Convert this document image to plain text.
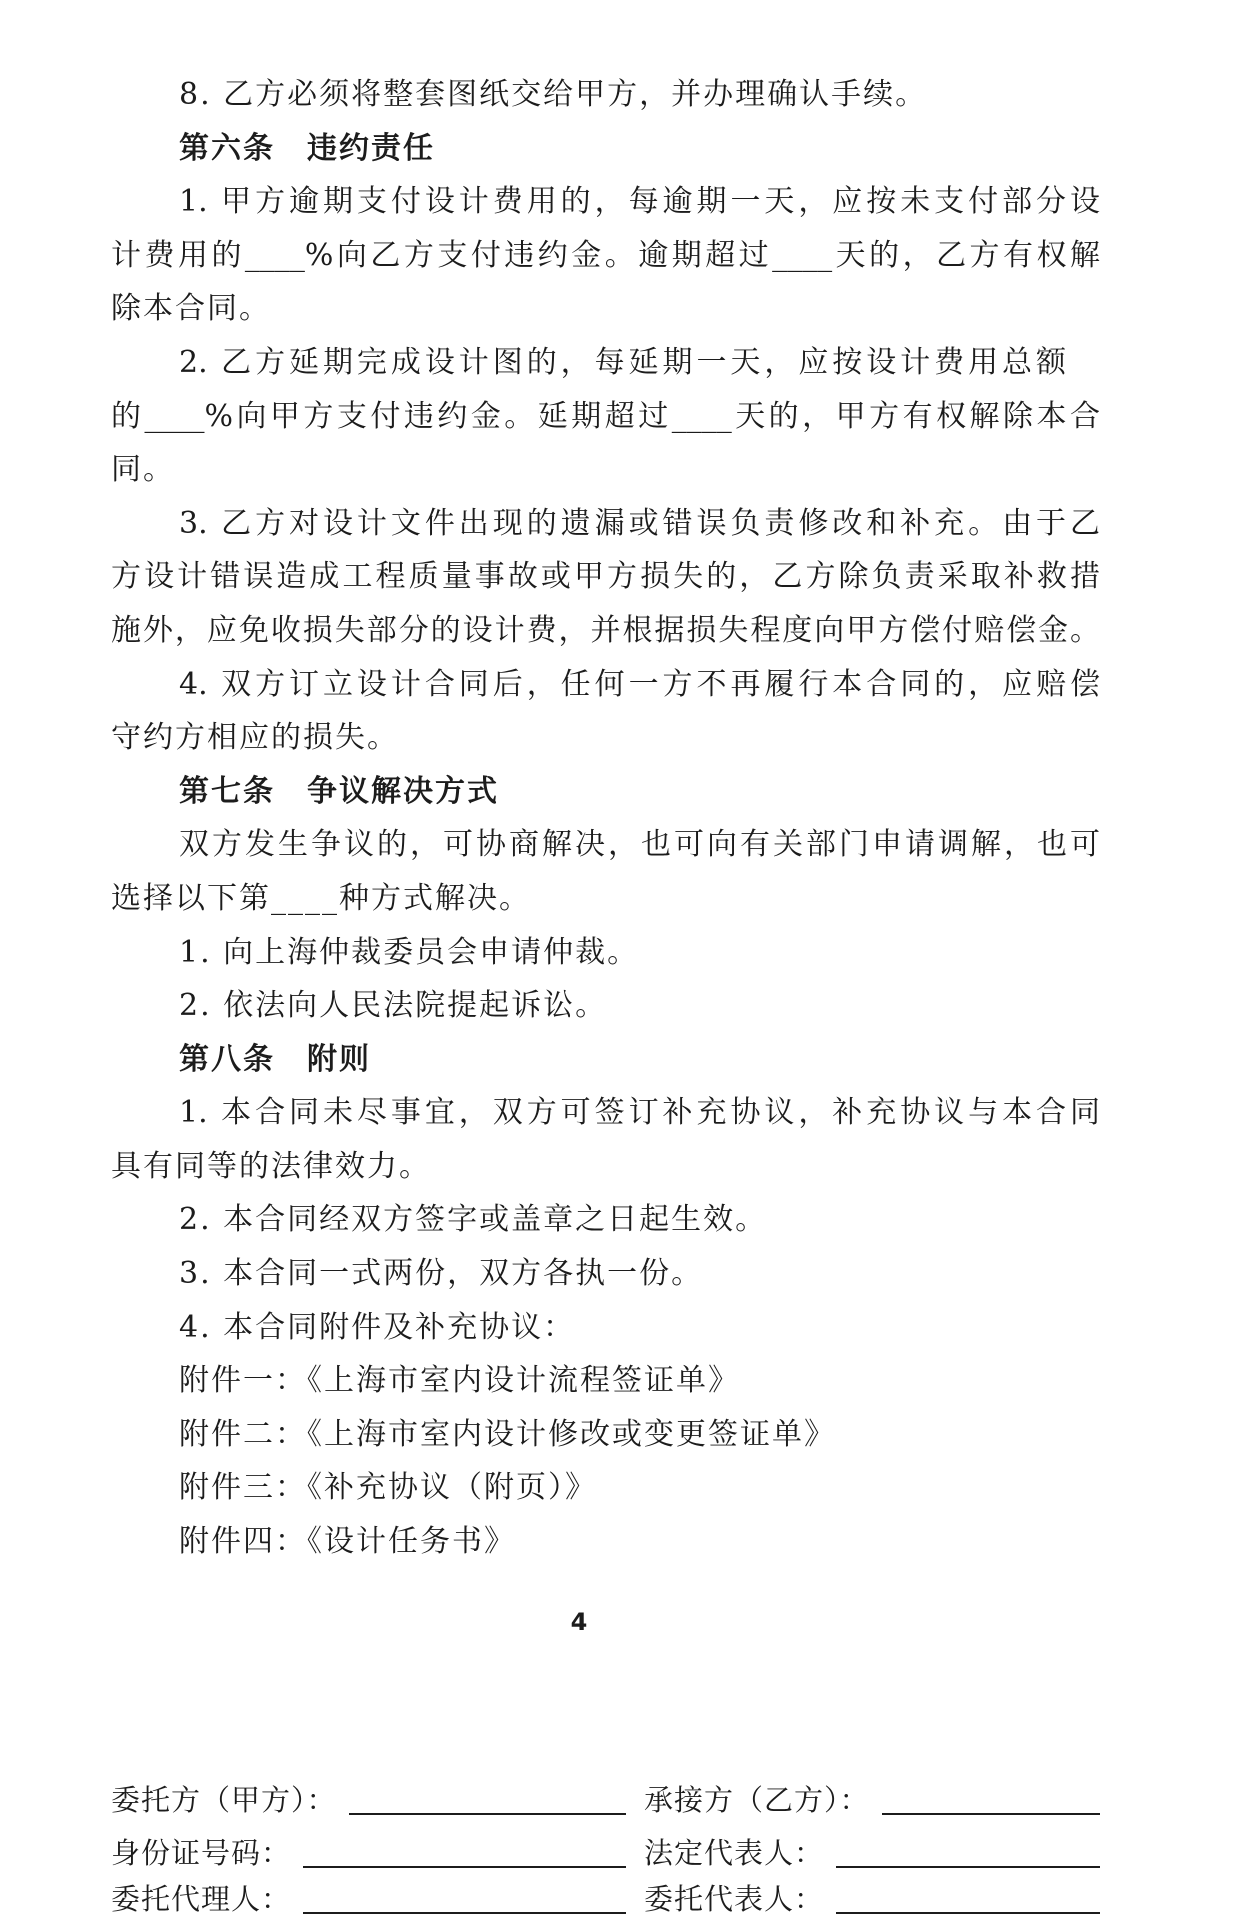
8. 乙方必须将整套图纸交给甲方，并办理确认手续。
第六条　违约责任
1. 甲方逾期支付设计费用的，每逾期一天，应按未支付部分设
计费用的____%向乙方支付违约金。逾期超过____天的，乙方有权解
除本合同。
2. 乙方延期完成设计图的，每延期一天，应按设计费用总额
的____%向甲方支付违约金。延期超过____天的，甲方有权解除本合
同。
3. 乙方对设计文件出现的遗漏或错误负责修改和补充。由于乙
方设计错误造成工程质量事故或甲方损失的，乙方除负责采取补救措
施外，应免收损失部分的设计费，并根据损失程度向甲方偿付赔偿金。
4. 双方订立设计合同后，任何一方不再履行本合同的，应赔偿
守约方相应的损失。
第七条　争议解决方式
双方发生争议的，可协商解决，也可向有关部门申请调解，也可
选择以下第____种方式解决。
1. 向上海仲裁委员会申请仲裁。
2. 依法向人民法院提起诉讼。
第八条　附则
1. 本合同未尽事宜，双方可签订补充协议，补充协议与本合同
具有同等的法律效力。
2. 本合同经双方签字或盖章之日起生效。
3. 本合同一式两份，双方各执一份。
4. 本合同附件及补充协议：
附件一：《上海市室内设计流程签证单》
附件二：《上海市室内设计修改或变更签证单》
附件三：《补充协议（附页）》
附件四：《设计任务书》
4
委托方（甲方）：	承接方（乙方）：
身份证号码：	法定代表人：
委托代理人：	委托代表人：
